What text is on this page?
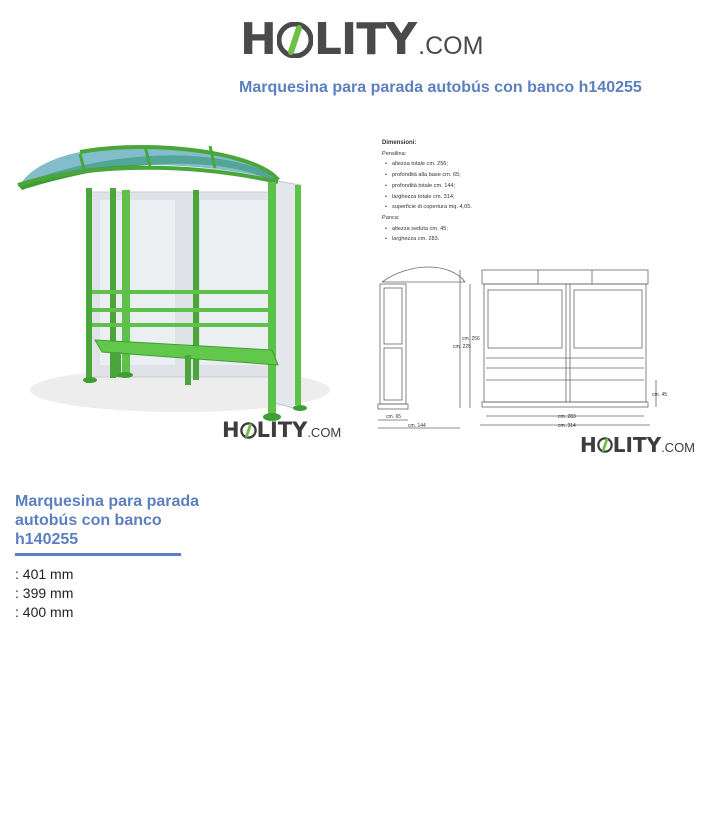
H LITY .COM
Marquesina para parada autobús con banco h140255
H LITY .COM
Dimensioni:
Pensilina:
• altezza totale cm. 256;
• profondità alla base cm. 65;
• profondità totale cm. 144;
• larghezza totale cm. 314;
• superficie di copertura mq. 4,05.
Panca:
• altezza seduta cm. 45;
• larghezza cm. 283.
cm. 256
cm. 225
cm. 65
cm. 144
cm. 283
cm. 314
cm. 45
H LITY .COM
Marquesina para parada autobús con banco h140255
: 401 mm
: 399 mm
: 400 mm
